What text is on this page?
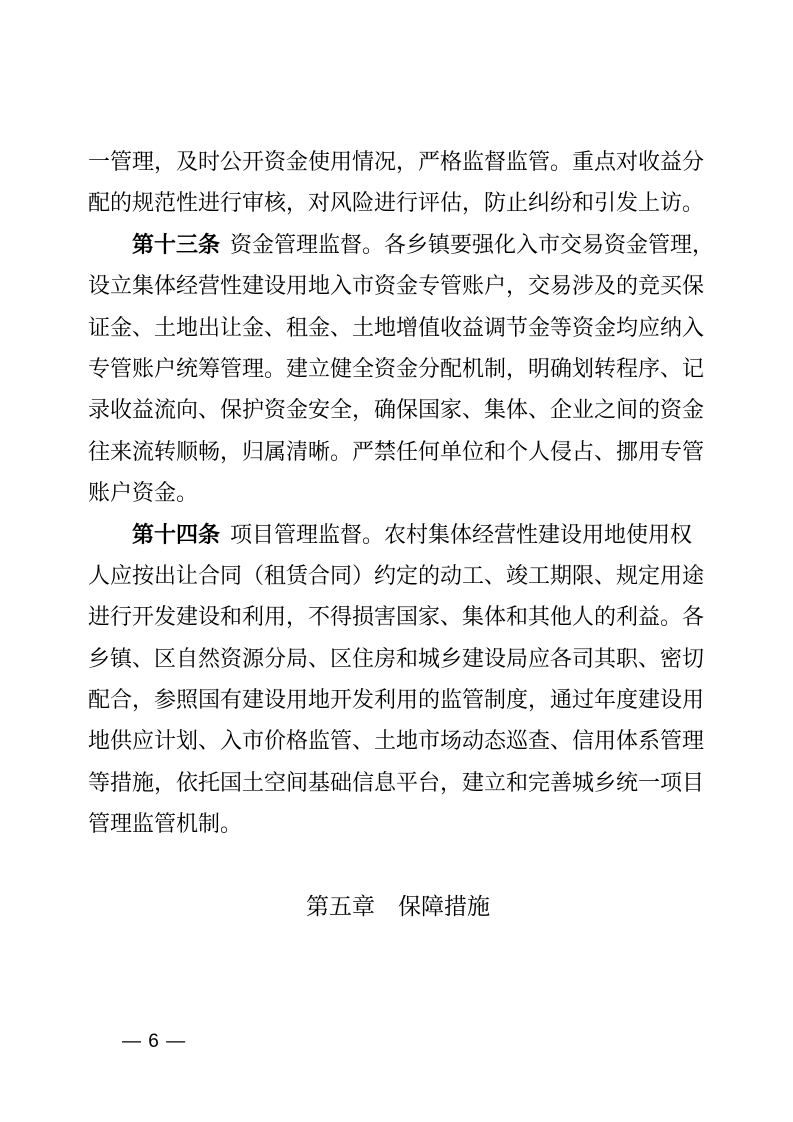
一管理，及时公开资金使用情况，严格监督监管。重点对收益分
配的规范性进行审核，对风险进行评估，防止纠纷和引发上访。
第十三条 资金管理监督。各乡镇要强化入市交易资金管理，
设立集体经营性建设用地入市资金专管账户，交易涉及的竞买保
证金、土地出让金、租金、土地增值收益调节金等资金均应纳入
专管账户统筹管理。建立健全资金分配机制，明确划转程序、记
录收益流向、保护资金安全，确保国家、集体、企业之间的资金
往来流转顺畅，归属清晰。严禁任何单位和个人侵占、挪用专管
账户资金。
第十四条 项目管理监督。农村集体经营性建设用地使用权
人应按出让合同（租赁合同）约定的动工、竣工期限、规定用途
进行开发建设和利用，不得损害国家、集体和其他人的利益。各
乡镇、区自然资源分局、区住房和城乡建设局应各司其职、密切
配合，参照国有建设用地开发利用的监管制度，通过年度建设用
地供应计划、入市价格监管、土地市场动态巡查、信用体系管理
等措施，依托国土空间基础信息平台，建立和完善城乡统一项目
管理监管机制。
第五章　保障措施
— 6 —
